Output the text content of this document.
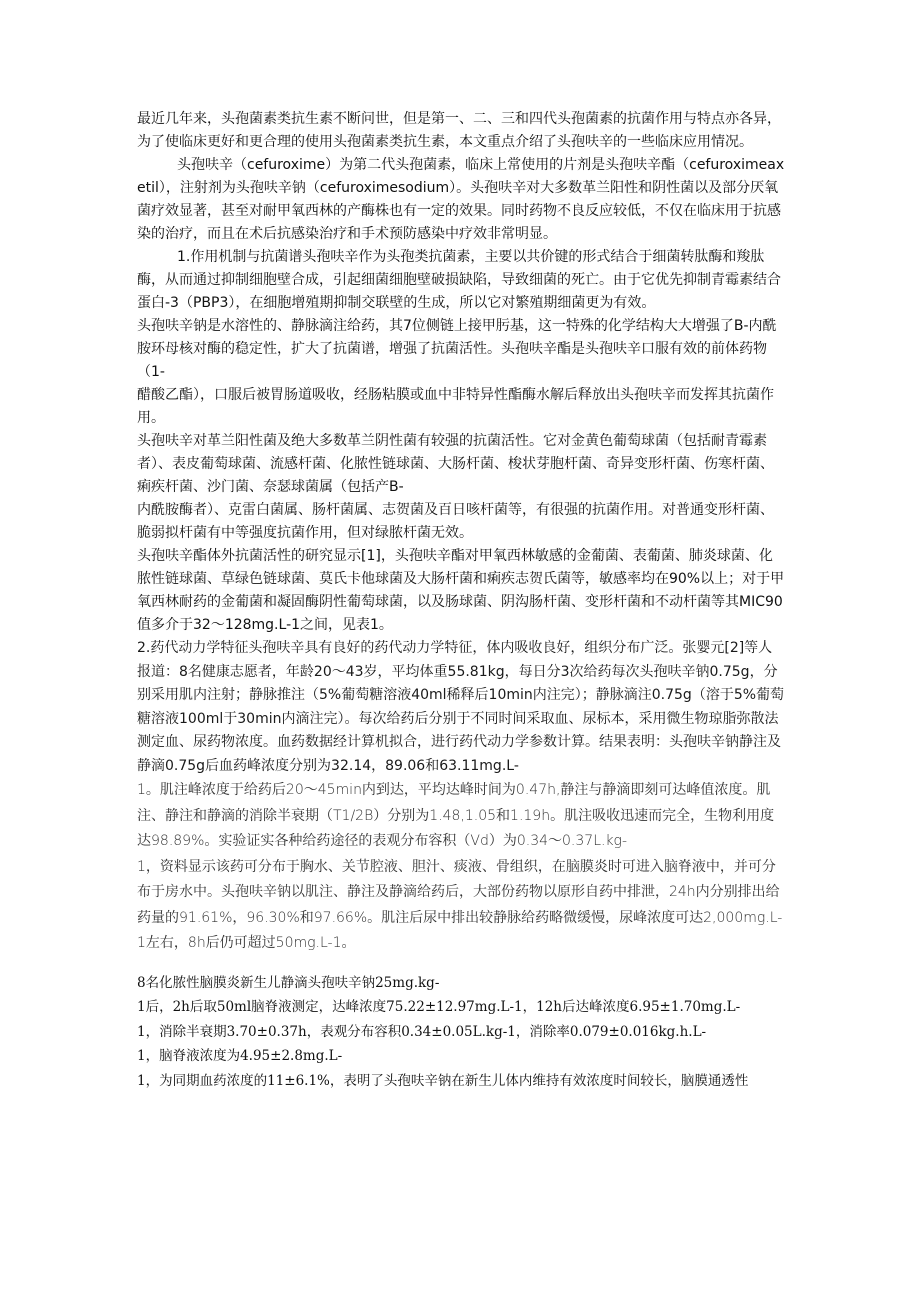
最近几年来，头孢菌素类抗生素不断问世，但是第一、二、三和四代头孢菌素的抗菌作用与特点亦各异，为了使临床更好和更合理的使用头孢菌素类抗生素，本文重点介绍了头孢呋辛的一些临床应用情况。

头孢呋辛（cefuroxime）为第二代头孢菌素，临床上常使用的片剂是头孢呋辛酯（cefuroximeaxetil），注射剂为头孢呋辛钠（cefuroximesodium）。头孢呋辛对大多数革兰阳性和阴性菌以及部分厌氧菌疗效显著，甚至对耐甲氧西林的产酶株也有一定的效果。同时药物不良反应较低，不仅在临床用于抗感染的治疗，而且在术后抗感染治疗和手术预防感染中疗效非常明显。

1.作用机制与抗菌谱头孢呋辛作为头孢类抗菌素，主要以共价键的形式结合于细菌转肽酶和羧肽酶，从而通过抑制细胞壁合成，引起细菌细胞壁破损缺陷，导致细菌的死亡。由于它优先抑制青霉素结合蛋白-3（PBP3），在细胞增殖期抑制交联壁的生成，所以它对繁殖期细菌更为有效。

头孢呋辛钠是水溶性的、静脉滴注给药，其7位侧链上接甲肟基，这一特殊的化学结构大大增强了B-内酰胺环母核对酶的稳定性，扩大了抗菌谱，增强了抗菌活性。头孢呋辛酯是头孢呋辛口服有效的前体药物（1-

醋酸乙酯），口服后被胃肠道吸收，经肠粘膜或血中非特异性酯酶水解后释放出头孢呋辛而发挥其抗菌作用。

头孢呋辛对革兰阳性菌及绝大多数革兰阴性菌有较强的抗菌活性。它对金黄色葡萄球菌（包括耐青霉素者）、表皮葡萄球菌、流感杆菌、化脓性链球菌、大肠杆菌、梭状芽胞杆菌、奇异变形杆菌、伤寒杆菌、痢疾杆菌、沙门菌、奈瑟球菌属（包括产B-

内酰胺酶者）、克雷白菌属、肠杆菌属、志贺菌及百日咳杆菌等，有很强的抗菌作用。对普通变形杆菌、脆弱拟杆菌有中等强度抗菌作用，但对绿脓杆菌无效。

头孢呋辛酯体外抗菌活性的研究显示[1]，头孢呋辛酯对甲氧西林敏感的金葡菌、表葡菌、肺炎球菌、化脓性链球菌、草绿色链球菌、莫氏卡他球菌及大肠杆菌和痢疾志贺氏菌等，敏感率均在90%以上；对于甲氧西林耐药的金葡菌和凝固酶阴性葡萄球菌，以及肠球菌、阴沟肠杆菌、变形杆菌和不动杆菌等其MIC90值多介于32～128mg.L-1之间，见表1。

2.药代动力学特征头孢呋辛具有良好的药代动力学特征，体内吸收良好，组织分布广泛。张婴元[2]等人报道：8名健康志愿者，年龄20～43岁，平均体重55.81kg，每日分3次给药每次头孢呋辛钠0.75g，分别采用肌内注射；静脉推注（5%葡萄糖溶液40ml稀释后10min内注完）；静脉滴注0.75g（溶于5%葡萄糖溶液100ml于30min内滴注完）。每次给药后分别于不同时间采取血、尿标本，采用微生物琼脂弥散法测定血、尿药物浓度。血药数据经计算机拟合，进行药代动力学参数计算。结果表明：头孢呋辛钠静注及静滴0.75g后血药峰浓度分别为32.14，89.06和63.11mg.L-

1。肌注峰浓度于给药后20～45min内到达，平均达峰时间为0.47h,静注与静滴即刻可达峰值浓度。肌注、静注和静滴的消除半衰期（T1/2B）分别为1.48,1.05和1.19h。肌注吸收迅速而完全，生物利用度达98.89%。实验证实各种给药途径的表观分布容积（Vd）为0.34～0.37L.kg-

1，资料显示该药可分布于胸水、关节腔液、胆汁、痰液、骨组织，在脑膜炎时可进入脑脊液中，并可分布于房水中。头孢呋辛钠以肌注、静注及静滴给药后，大部份药物以原形自药中排泄，24h内分别排出给药量的91.61%，96.30%和97.66%。肌注后尿中排出较静脉给药略微缓慢，尿峰浓度可达2,000mg.L-1左右，8h后仍可超过50mg.L-1。

8名化脓性脑膜炎新生儿静滴头孢呋辛钠25mg.kg-

1后，2h后取50ml脑脊液测定，达峰浓度75.22±12.97mg.L-1，12h后达峰浓度6.95±1.70mg.L-

1，消除半衰期3.70±0.37h，表观分布容积0.34±0.05L.kg-1，消除率0.079±0.016kg.h.L-

1，脑脊液浓度为4.95±2.8mg.L-

1，为同期血药浓度的11±6.1%，表明了头孢呋辛钠在新生儿体内维持有效浓度时间较长，脑膜通透性
